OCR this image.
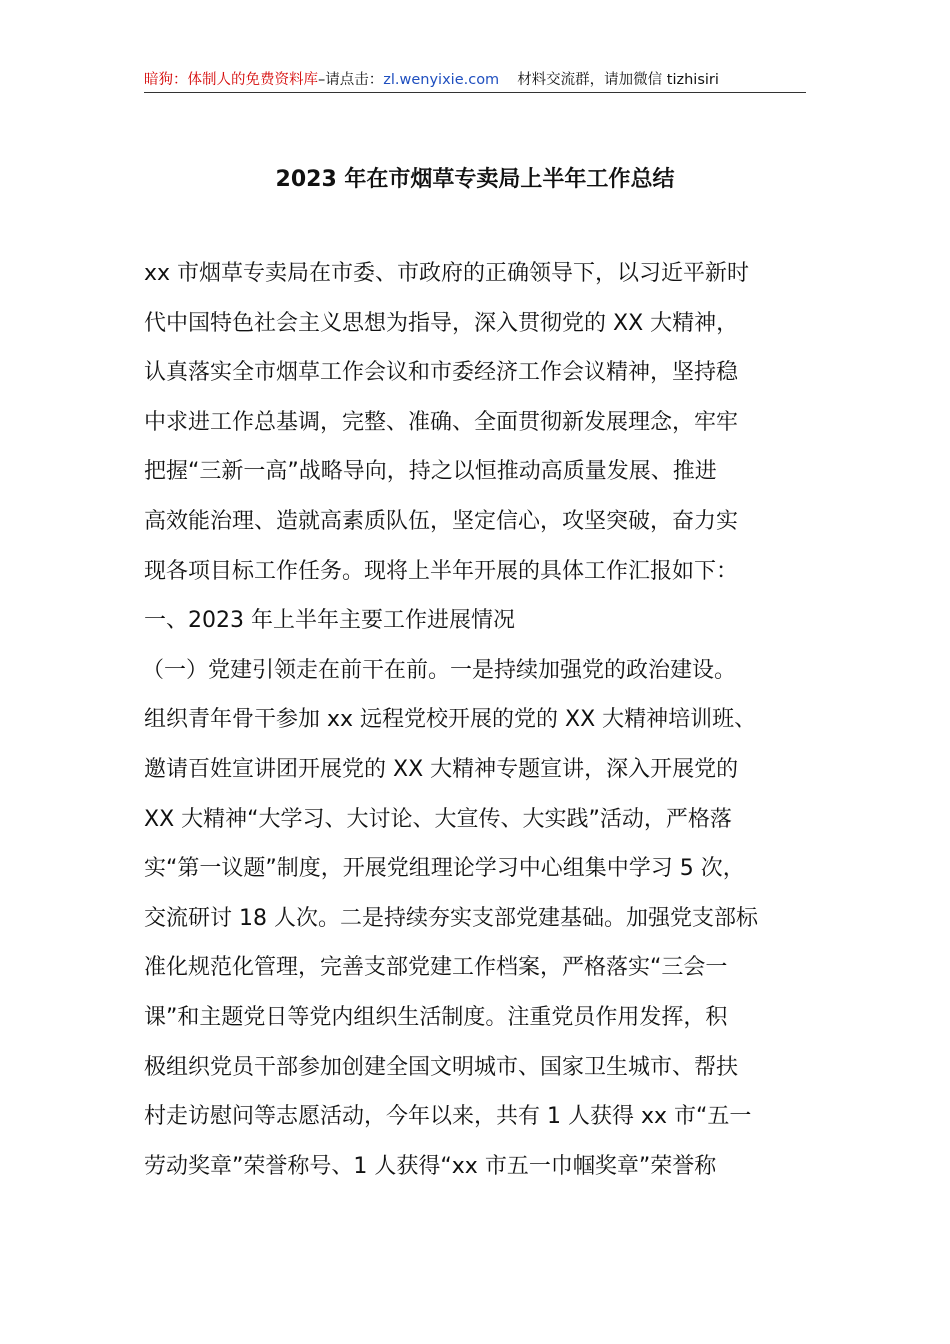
暗狗：体制人的免费资料库–请点击：zl.wenyixie.com 材料交流群，请加微信 tizhisiri
2023 年在市烟草专卖局上半年工作总结
xx 市烟草专卖局在市委、市政府的正确领导下，以习近平新时
代中国特色社会主义思想为指导，深入贯彻党的 XX 大精神，
认真落实全市烟草工作会议和市委经济工作会议精神，坚持稳
中求进工作总基调，完整、准确、全面贯彻新发展理念，牢牢
把握“三新一高”战略导向，持之以恒推动高质量发展、推进
高效能治理、造就高素质队伍，坚定信心，攻坚突破，奋力实
现各项目标工作任务。现将上半年开展的具体工作汇报如下：
一、2023 年上半年主要工作进展情况
（一）党建引领走在前干在前。一是持续加强党的政治建设。
组织青年骨干参加 xx 远程党校开展的党的 XX 大精神培训班、
邀请百姓宣讲团开展党的 XX 大精神专题宣讲，深入开展党的
XX 大精神“大学习、大讨论、大宣传、大实践”活动，严格落
实“第一议题”制度，开展党组理论学习中心组集中学习 5 次，
交流研讨 18 人次。二是持续夯实支部党建基础。加强党支部标
准化规范化管理，完善支部党建工作档案，严格落实“三会一
课”和主题党日等党内组织生活制度。注重党员作用发挥，积
极组织党员干部参加创建全国文明城市、国家卫生城市、帮扶
村走访慰问等志愿活动，今年以来，共有 1 人获得 xx 市“五一
劳动奖章”荣誉称号、1 人获得“xx 市五一巾帼奖章”荣誉称
